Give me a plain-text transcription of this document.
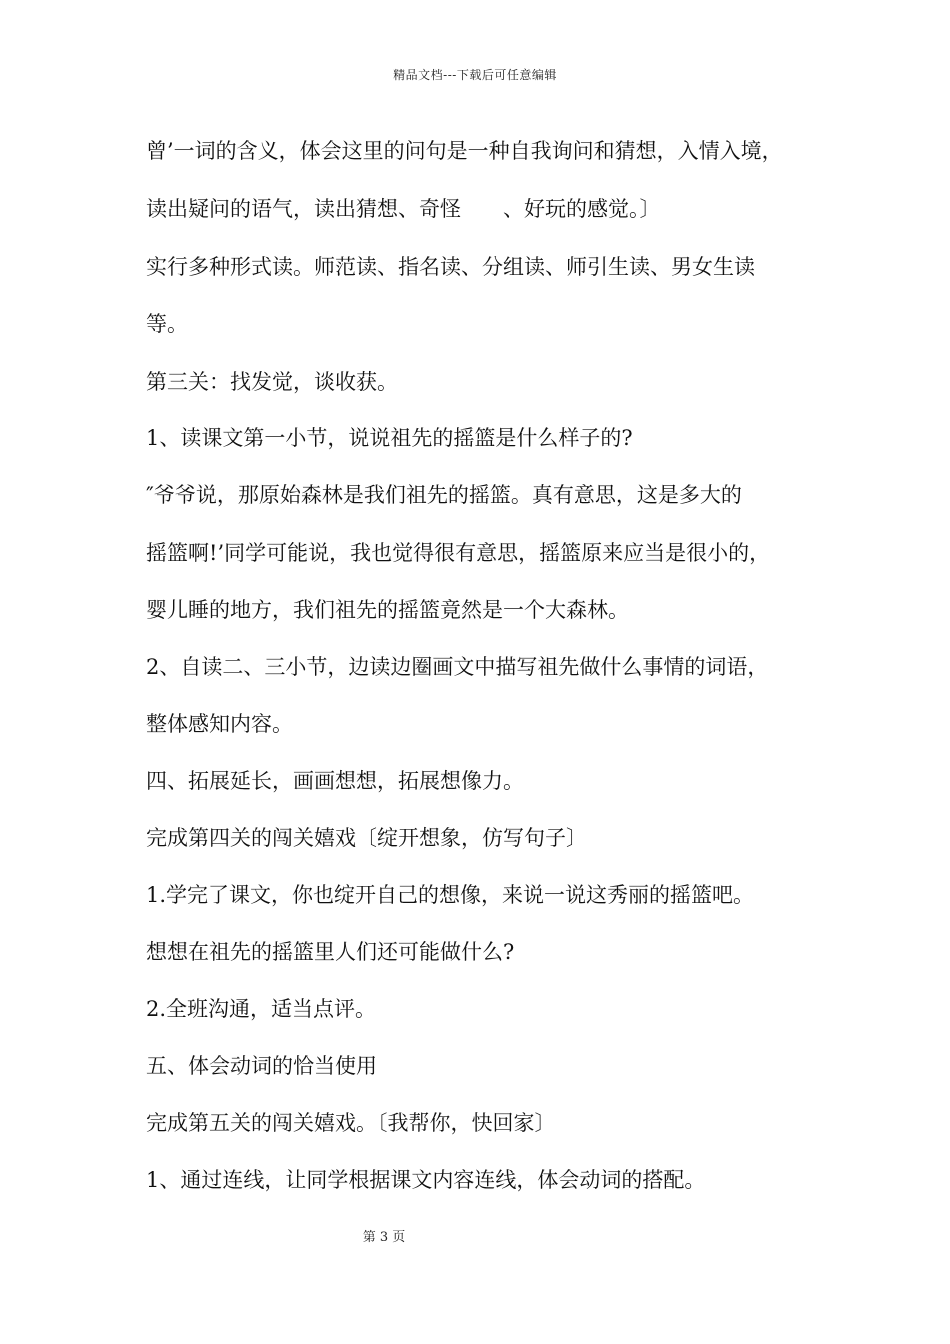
精品文档---下载后可任意编辑
曾’一词的含义，体会这里的问句是一种自我询问和猜想，入情入境，
读出疑问的语气，读出猜想、奇怪　　、好玩的感觉。〕
实行多种形式读。师范读、指名读、分组读、师引生读、男女生读
等。
第三关：找发觉，谈收获。
1、读课文第一小节，说说祖先的摇篮是什么样子的?
″爷爷说，那原始森林是我们祖先的摇篮。真有意思，这是多大的
摇篮啊!’同学可能说，我也觉得很有意思，摇篮原来应当是很小的，
婴儿睡的地方，我们祖先的摇篮竟然是一个大森林。
2、自读二、三小节，边读边圈画文中描写祖先做什么事情的词语，
整体感知内容。
四、拓展延长，画画想想，拓展想像力。
完成第四关的闯关嬉戏〔绽开想象，仿写句子〕
1.学完了课文，你也绽开自己的想像，来说一说这秀丽的摇篮吧。
想想在祖先的摇篮里人们还可能做什么?
2.全班沟通，适当点评。
五、体会动词的恰当使用
完成第五关的闯关嬉戏。〔我帮你，快回家〕
1、通过连线，让同学根据课文内容连线，体会动词的搭配。
第 3 页
